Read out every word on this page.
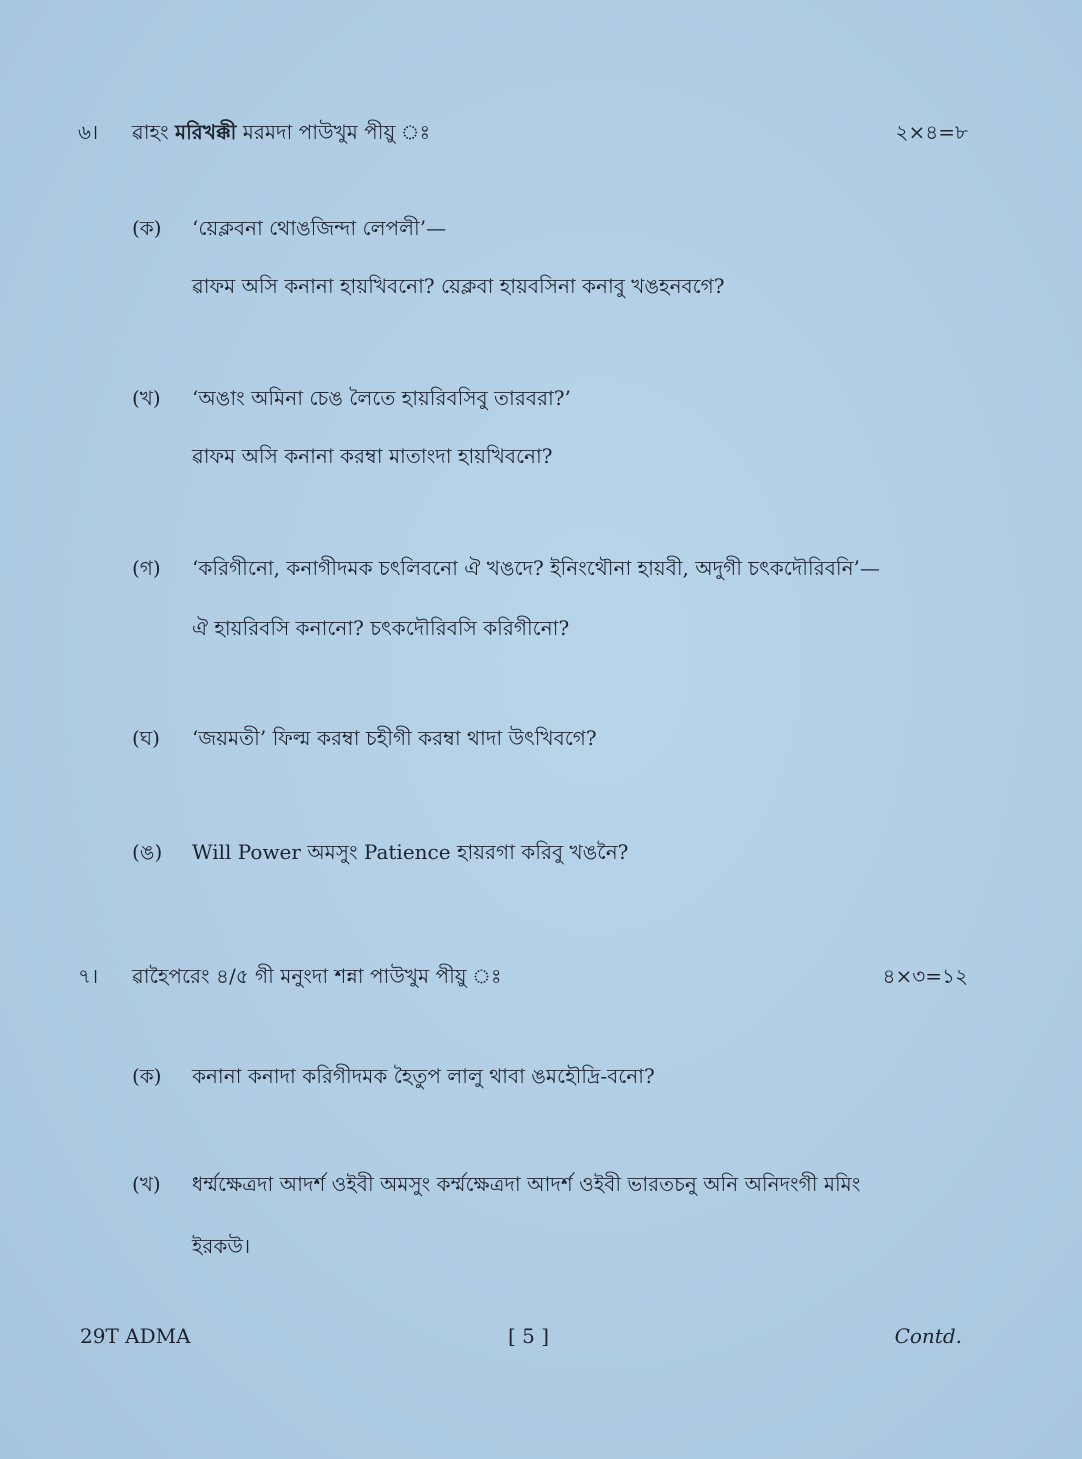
৬।	ৱাহং মরিখক্কী মরমদা পাউখুম পীয়ু ঃ	২×৪=৮
(ক)	‘য়েক্লবনা থোঙজিন্দা লেপলী’—
ৱাফম অসি কনানা হায়খিবনো? য়েক্লবা হায়বসিনা কনাবু খঙহনবগে?
(খ)	‘অঙাং অমিনা চেঙ লৈতে হায়রিবসিবু তারবরা?’
ৱাফম অসি কনানা করম্বা মাতাংদা হায়খিবনো?
(গ)	‘করিগীনো, কনাগীদমক চৎলিবনো ঐ খঙদে? ইনিংথৌনা হায়বী, অদুগী চৎকদৌরিবনি’—
ঐ হায়রিবসি কনানো? চৎকদৌরিবসি করিগীনো?
(ঘ)	‘জয়মতী’ ফিল্ম করম্বা চহীগী করম্বা থাদা উৎখিবগে?
(ঙ)	Will Power অমসুং Patience হায়রগা করিবু খঙনৈ?
৭।	ৱাহৈপরেং ৪/৫ গী মনুংদা শন্না পাউখুম পীয়ু ঃ	৪×৩=১২
(ক)	কনানা কনাদা করিগীদমক হৈতুপ লালু থাবা ঙমহৌদ্রি-বনো?
(খ)	ধর্ম্মক্ষেত্রদা আদর্শ ওইবী অমসুং কর্ম্মক্ষেত্রদা আদর্শ ওইবী ভারতচনু অনি অনিদংগী মমিং
ইরকউ।
29T ADMA	[ 5 ]	Contd.
